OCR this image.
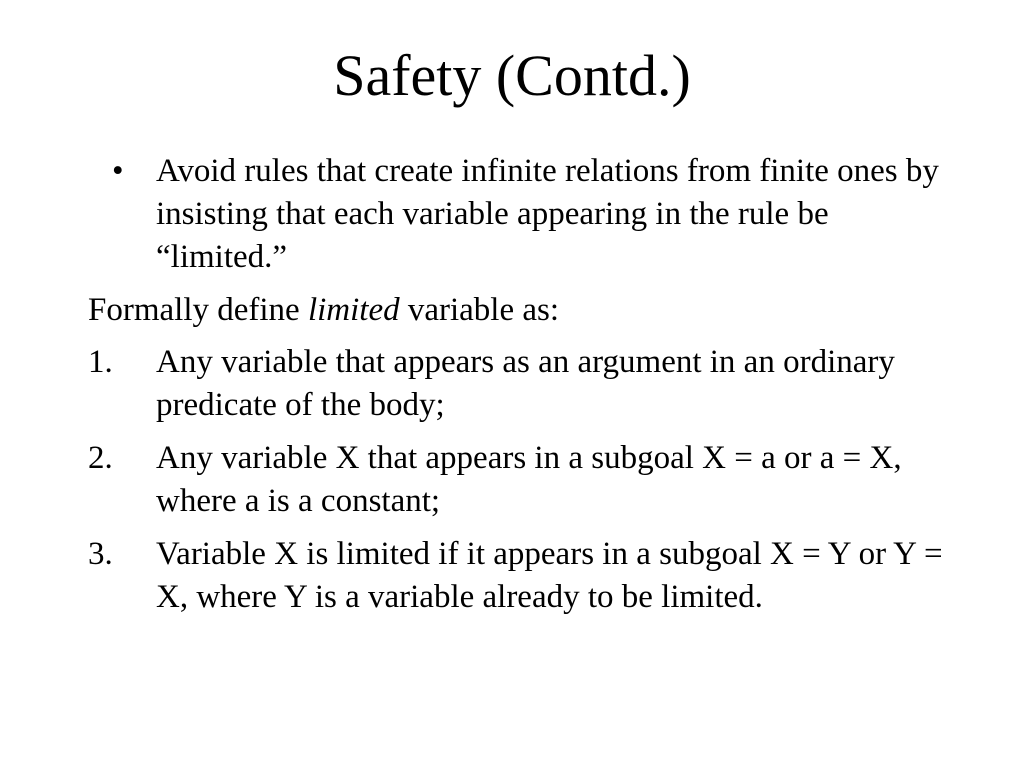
Safety (Contd.)
• Avoid rules that create infinite relations from finite ones by insisting that each variable appearing in the rule be “limited.”
Formally define limited variable as:
1.	Any variable that appears as an argument in an ordinary predicate of the body;
2.	Any variable X that appears in a subgoal X = a or a = X, where a is a constant;
3.	Variable X is limited if it appears in a subgoal X = Y or Y = X, where Y is a variable already to be limited.
